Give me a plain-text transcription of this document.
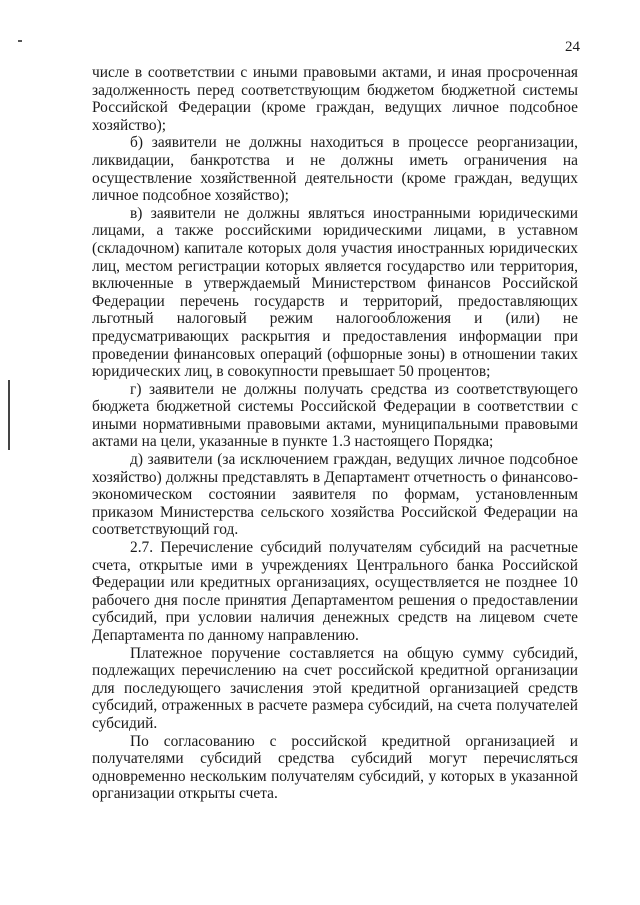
24

числе в соответствии с иными правовыми актами, и иная просроченная задолженность перед соответствующим бюджетом бюджетной системы Российской Федерации (кроме граждан, ведущих личное подсобное хозяйство);

б) заявители не должны находиться в процессе реорганизации, ликвидации, банкротства и не должны иметь ограничения на осуществление хозяйственной деятельности (кроме граждан, ведущих личное подсобное хозяйство);

в) заявители не должны являться иностранными юридическими лицами, а также российскими юридическими лицами, в уставном (складочном) капитале которых доля участия иностранных юридических лиц, местом регистрации которых является государство или территория, включенные в утверждаемый Министерством финансов Российской Федерации перечень государств и территорий, предоставляющих льготный налоговый режим налогообложения и (или) не предусматривающих раскрытия и предоставления информации при проведении финансовых операций (офшорные зоны) в отношении таких юридических лиц, в совокупности превышает 50 процентов;

г) заявители не должны получать средства из соответствующего бюджета бюджетной системы Российской Федерации в соответствии с иными нормативными правовыми актами, муниципальными правовыми актами на цели, указанные в пункте 1.3 настоящего Порядка;

д) заявители (за исключением граждан, ведущих личное подсобное хозяйство) должны представлять в Департамент отчетность о финансово-экономическом состоянии заявителя по формам, установленным приказом Министерства сельского хозяйства Российской Федерации на соответствующий год.

2.7. Перечисление субсидий получателям субсидий на расчетные счета, открытые ими в учреждениях Центрального банка Российской Федерации или кредитных организациях, осуществляется не позднее 10 рабочего дня после принятия Департаментом решения о предоставлении субсидий, при условии наличия денежных средств на лицевом счете Департамента по данному направлению.

Платежное поручение составляется на общую сумму субсидий, подлежащих перечислению на счет российской кредитной организации для последующего зачисления этой кредитной организацией средств субсидий, отраженных в расчете размера субсидий, на счета получателей субсидий.

По согласованию с российской кредитной организацией и получателями субсидий средства субсидий могут перечисляться одновременно нескольким получателям субсидий, у которых в указанной организации открыты счета.
